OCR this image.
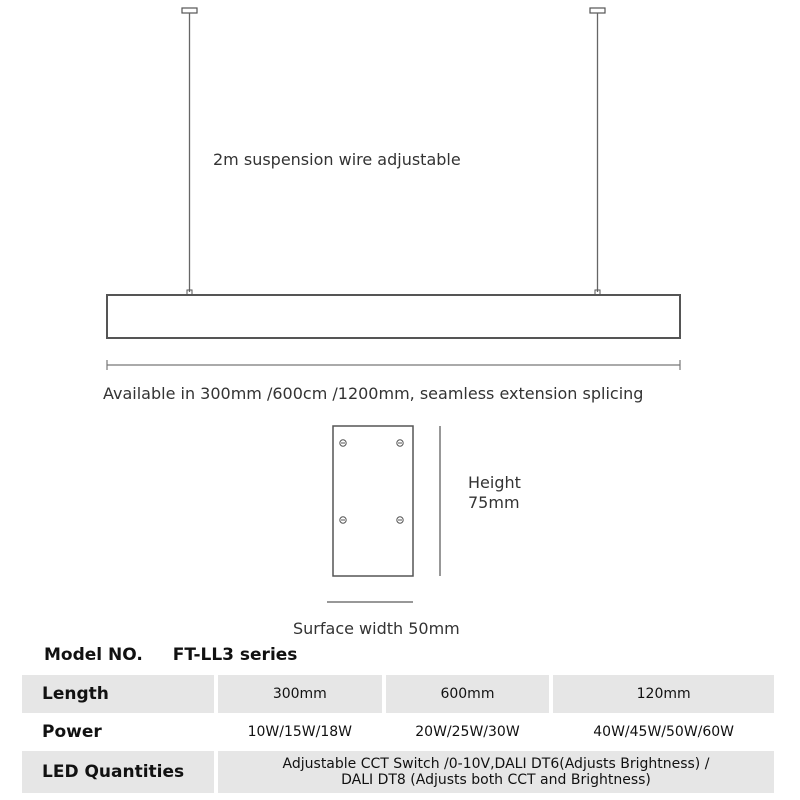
2m suspension wire adjustable
Available in 300mm /600cm /1200mm, seamless extension splicing
Height
75mm
Surface width 50mm
Model NO. FT-LL3 series
Length	300mm	600mm	120mm
Power	10W/15W/18W	20W/25W/30W	40W/45W/50W/60W
LED Quantities	Adjustable CCT Switch /0-10V,DALI DT6(Adjusts Brightness) /
DALI DT8 (Adjusts both CCT and Brightness)		
